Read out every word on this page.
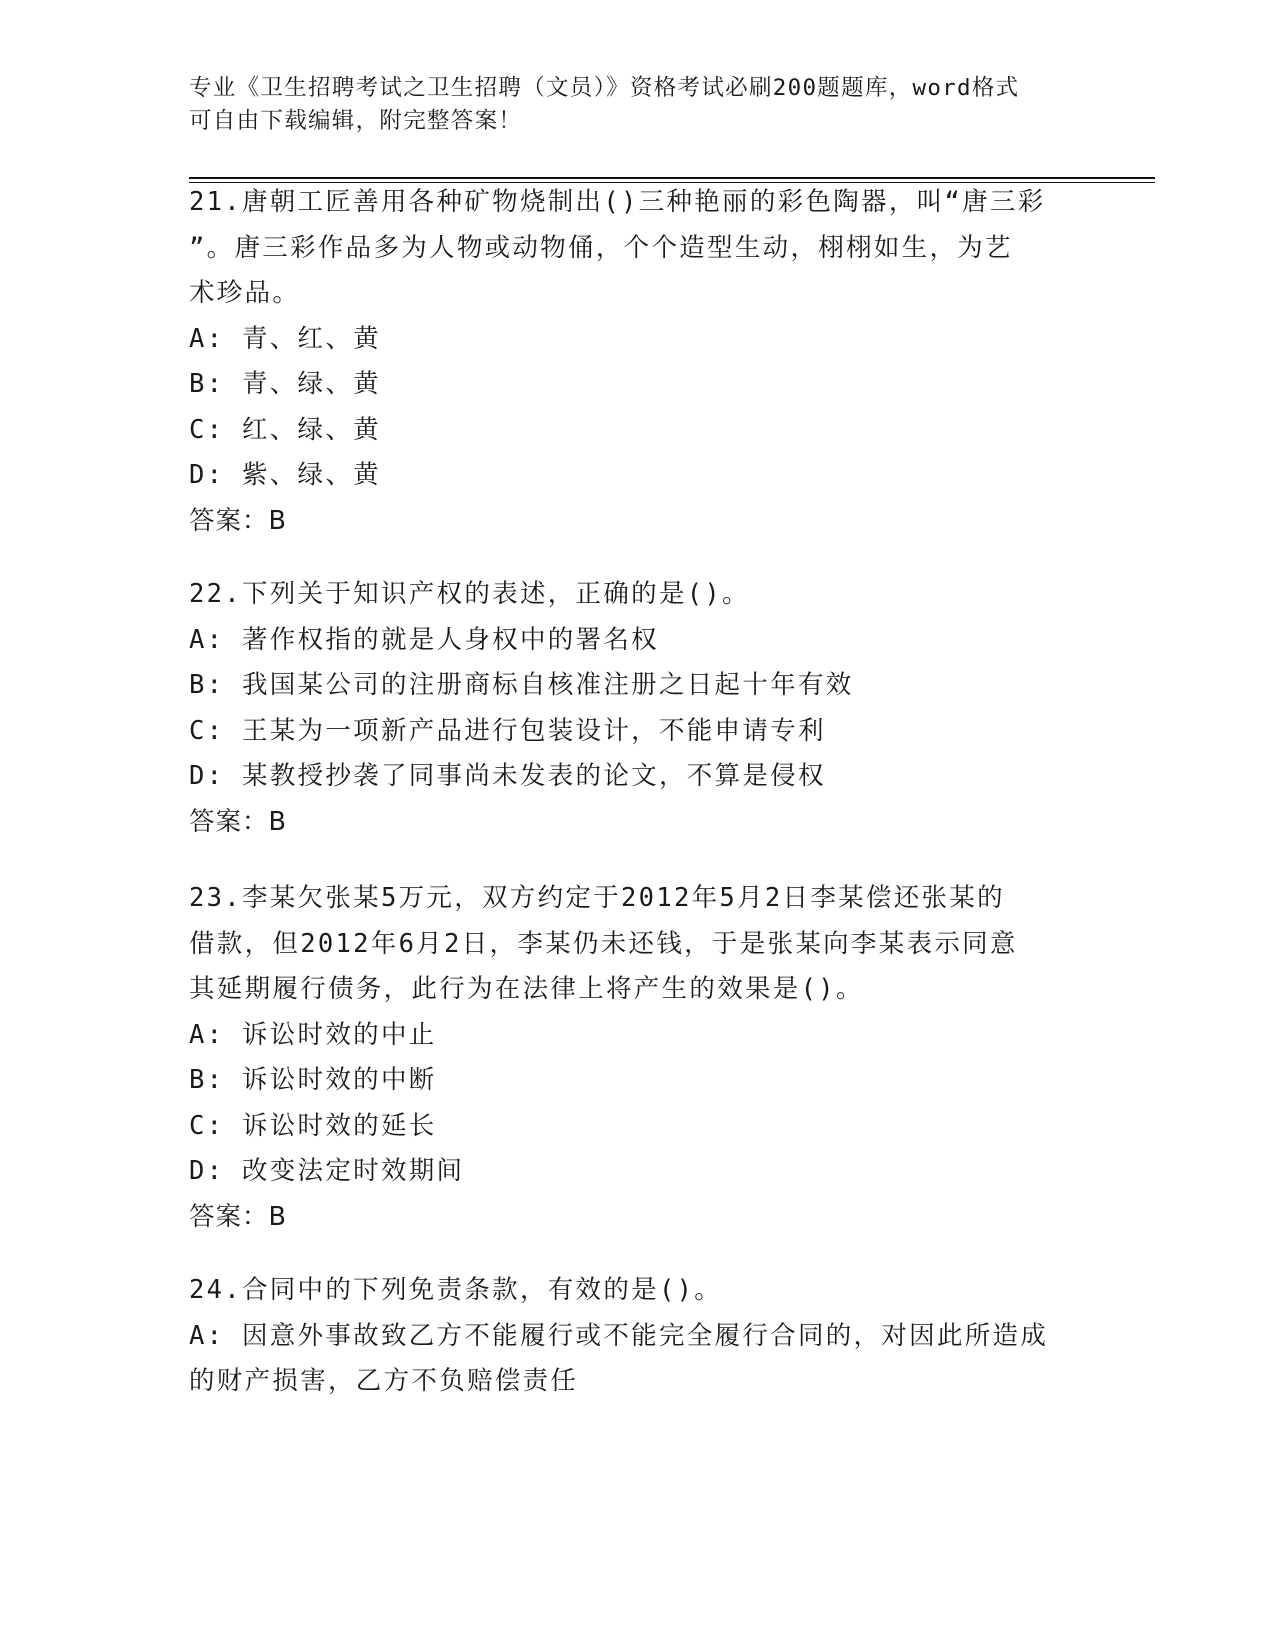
专业《卫生招聘考试之卫生招聘（文员）》资格考试必刷200题题库，word格式
可自由下载编辑，附完整答案！

21.唐朝工匠善用各种矿物烧制出()三种艳丽的彩色陶器，叫“唐三彩

”。唐三彩作品多为人物或动物俑，个个造型生动，栩栩如生，为艺

术珍品。

A: 青、红、黄

B: 青、绿、黄

C: 红、绿、黄

D: 紫、绿、黄

答案：B

22.下列关于知识产权的表述，正确的是()。

A: 著作权指的就是人身权中的署名权

B: 我国某公司的注册商标自核准注册之日起十年有效

C: 王某为一项新产品进行包装设计，不能申请专利

D: 某教授抄袭了同事尚未发表的论文，不算是侵权

答案：B

23.李某欠张某5万元，双方约定于2012年5月2日李某偿还张某的

借款，但2012年6月2日，李某仍未还钱，于是张某向李某表示同意

其延期履行债务，此行为在法律上将产生的效果是()。

A: 诉讼时效的中止

B: 诉讼时效的中断

C: 诉讼时效的延长

D: 改变法定时效期间

答案：B

24.合同中的下列免责条款，有效的是()。

A: 因意外事故致乙方不能履行或不能完全履行合同的，对因此所造成

的财产损害，乙方不负赔偿责任
